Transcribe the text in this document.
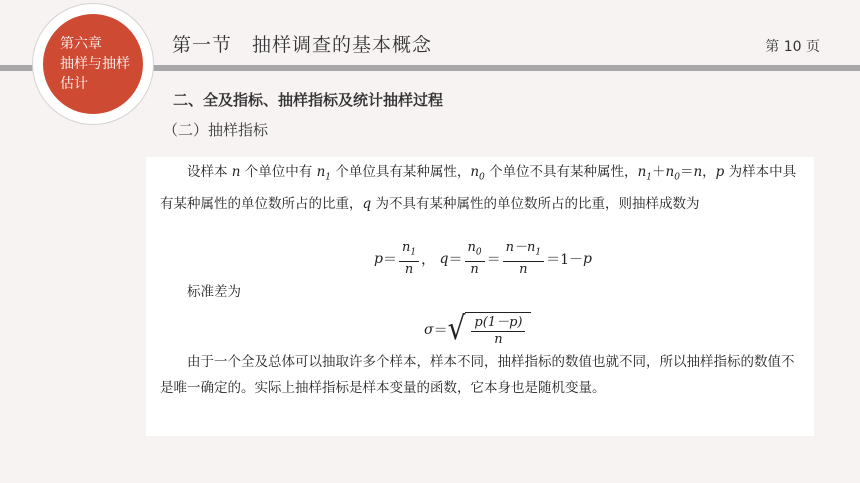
第一节　抽样调查的基本概念	第 10 页
第六章
抽样与抽样
估计
二、全及指标、抽样指标及统计抽样过程
（二）抽样指标

设样本 n 个单位中有 $n_1$ 个单位具有某种属性，$n_0$ 个单位不具有某种属性，$n_1+n_0=n$，p 为样本中具有某种属性的单位数所占的比重，q 为不具有某种属性的单位数所占的比重，则抽样成数为

$p = \frac{n_1}{n}$ ， $q = \frac{n_0}{n} = \frac{n-n_1}{n} =1- p$

标准差为

σ ＝ √ $\frac{p(1-p)}{n}$

由于一个全及总体可以抽取许多个样本，样本不同，抽样指标的数值也就不同，所以抽样指标的数值不是唯一确定的。实际上抽样指标是样本变量的函数，它本身也是随机变量。
